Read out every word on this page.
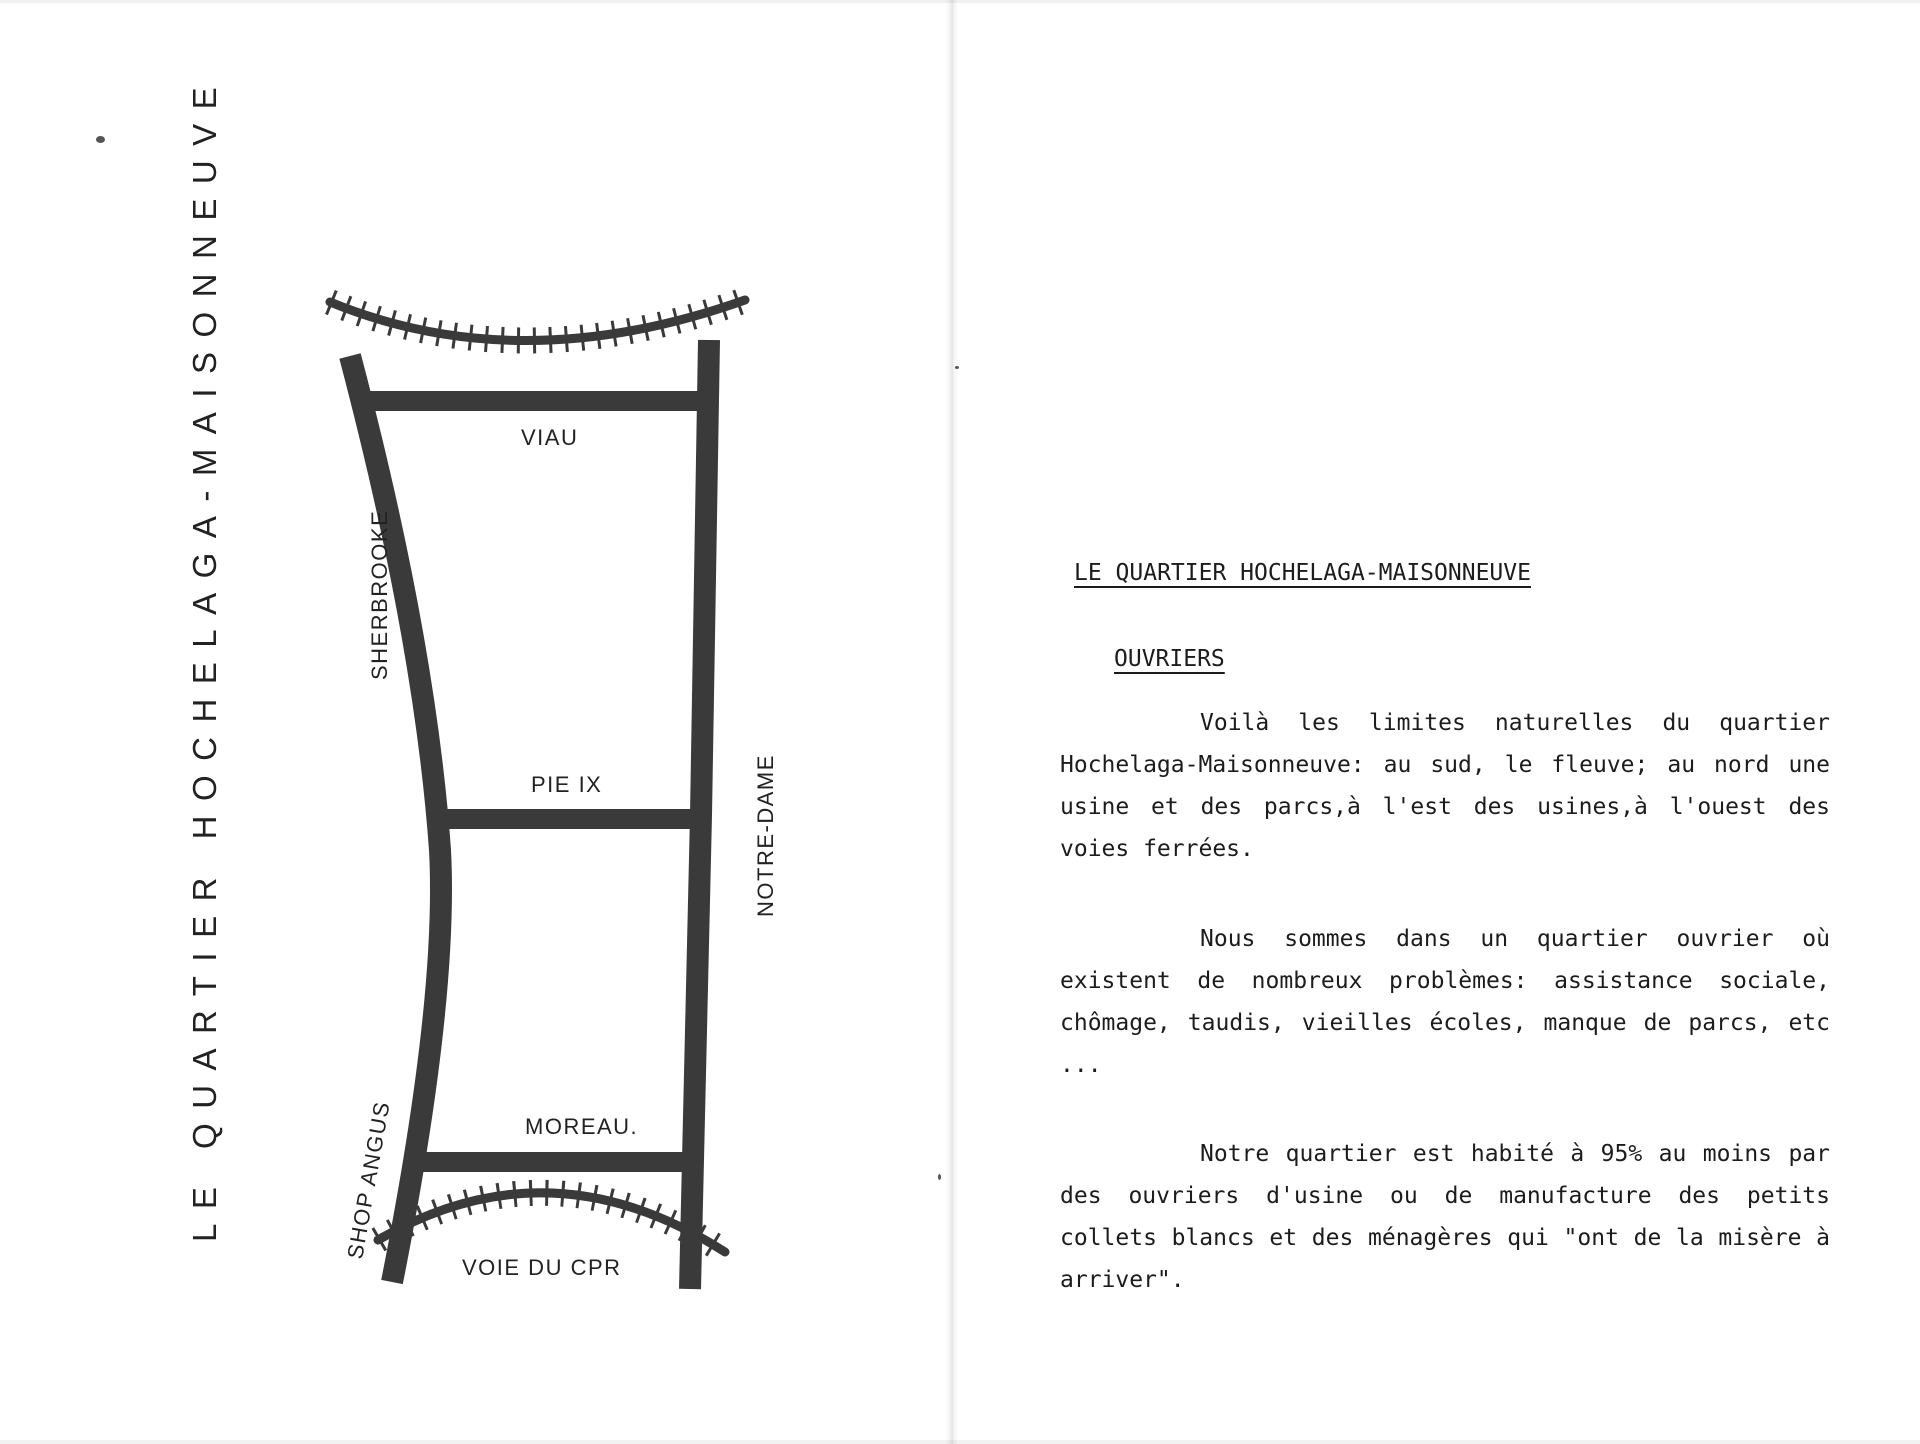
LE QUARTIER HOCHELAGA-MAISONNEUVE	VIAU
PIE IX
MOREAU.
VOIE DU CPR
SHERBROOKE
NOTRE-DAME
SHOP ANGUS
LE QUARTIER HOCHELAGA-MAISONNEUVE
OUVRIERS

Voilà les limites naturelles du quartier Hochelaga-Maisonneuve: au sud, le fleuve; au nord une usine et des parcs,à l'est des usines,à l'ouest des voies ferrées.

Nous sommes dans un quartier ouvrier où existent de nombreux problèmes: assistance sociale, chômage, taudis, vieilles écoles, manque de parcs, etc ...

Notre quartier est habité à 95% au moins par des ouvriers d'usine ou de manufacture des petits collets blancs et des ménagères qui "ont de la misère à arriver".
